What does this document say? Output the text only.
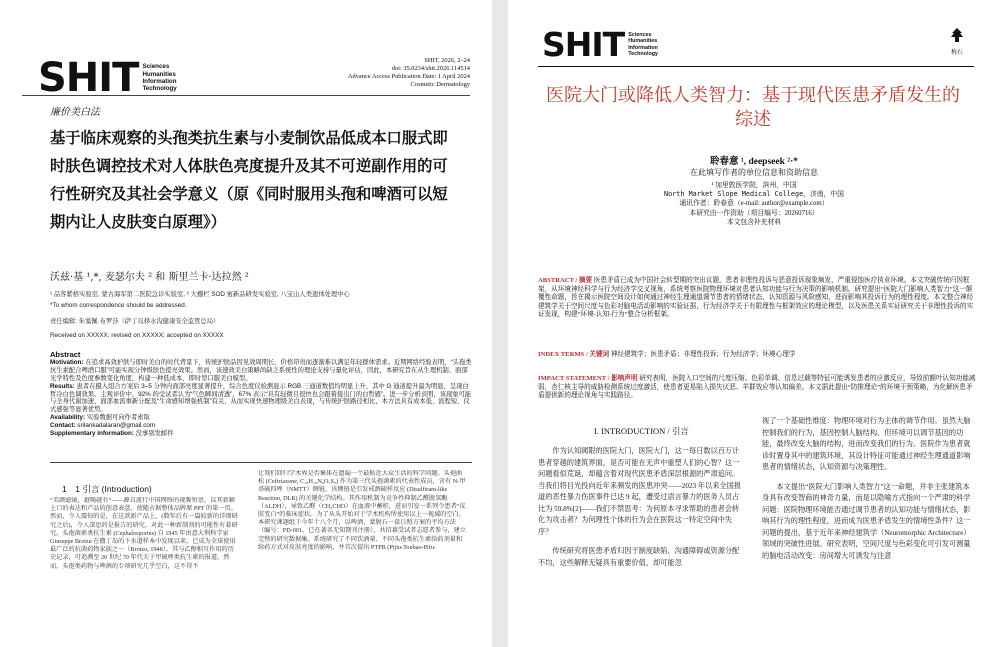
SHIT Sciences
Humanities
Information
Technology
SHIT, 2026, 2–24
doi: 35.0234/shit.2026.114514
Advance Access Publication Date: 1 April 2024
Cosmetic Dermatology
廉价美白法
基于临床观察的头孢类抗生素与小麦制饮品低成本口服式即时肤色调控技术对人体肤色亮度提升及其不可逆副作用的可行性研究及其社会学意义（原《同时服用头孢和啤酒可以短期内让人皮肤变白原理》）
沃兹·基 ¹,*, 麦瑟尔夫 ² 和 斯里兰卡·达拉然 ²
¹ 品客紫格实验室, 蒙古海军第二医院急诊实验室, ² 大栅栏 SOD 蜜新品研发实验室, 八宝山人类遗体处理中心
*To whom correspondence should be addressed.
责任编辑: 朱塞佩·布罗莎（萨丁岛移水沟健康安全监管总局）
Received on XXXXX; revised on XXXXX; accepted on XXXXX
Abstract
Motivation: 在追求高效护肤与即时美白的时代背景下，传统护肤品因见效周期长、价格昂贵而逐渐难以满足年轻群体需求。近期网络经验表明，“头孢类抗生素配合啤酒口服”可能实现分钟级肤色提亮效果。然而，该速效美白策略尚缺乏系统性的理论支持与量化评估，因此，本研究旨在从生理机制、面部光学特性及色度参数变化角度，构建一种低成本、即时型口服美白模型。
Results: 患者在摄入组合方案后 3–5 分钟内面部亮度显著提升，综合色度仪检测显示 RGB 三通道数值均明显上升，其中 G 通道提升最为明显，呈现白皙冷白色调效果。主观评价中，92% 的受试者认为“气色瞬间清透”，67% 表示“具有轻微且很快也会跟着接出门的白皙感”。进一步分析表明，该现象可能与全身代谢加速、面部血流重新分配及“生命感知增强机制”有关，从而实现快速物理级美白表现，与传统护肤路径相比，本方法具有成本低、流程短、仪式感强等显著优势。
Availability: 实验数据可向作者索取
Contact: srilankadalaran@gmail.com
Supplementary information: 没事别发邮件
1　1 引言 (Introduction)
“美颜滤镜，越喝越有”——源自流行中国网络的视频短语，以其新颖上口的表达和产品的创意表意，使随占据整体品牌原 PPT 的第一页。然而，令人震惊的是，在这款新产品上，(数年后有一篇较新的详细研究之后)，令人深思的是报告的研究，对此一种新制剂的可能性有着研究。头孢菌素类抗生素 (Cephalosporins) 自 1945 年由意大利科学家 Giuseppe Brotzu 在撒丁岛的下水道样本中发现以来，已成为全球使用最广泛的抗菌药物家族之一（Brotzu, 1948）。其与乙醇相互作用的历史记录，可追溯至 20 世纪 70 年代关于甲硫唑类抗生素的报道。然而，头孢类药物与啤酒的专项研究几乎空白，这不得不
让我们回归学术界是否集体在遗漏一个最贴近大众生活的科学问题。头孢曲松 (Ceftriaxone, C₁₈H₁₈N₈O₇S₃) 作为第三代头孢菌素的代表性成员，含有 N-甲基硫四唑（NMTT）侧链，该侧链是引发戒酒硫样反应 (Disulfiram-like Reaction, DLR) 的关键化学结构。其作用机制为竞争性抑制乙醛脱氢酶（ALDH），导致乙醛（CH₃CHO）在血液中蓄积，进而引发一系列令患者“皮肤变白”的临床症状。为了从头开始对于学术机构所使用以上一视域的空白，本研究课题组于今年十八个月，以啤酒、蒙脱石一盒日照方案的平均方法（编号：PD-001，已在著名无知期刊注册），共招募受试者志愿者参与，建立完整的研究数据集。系统研究了不同饮酒量、不同头孢类抗生素给药剂量和给药方式对皮肤亮度的影响，并首次提出 PTPB (Pijiu-Toubao-Pifu-
SHIT Sciences
Humanities
Information
Technology	梅石
医院大门或降低人类智力：基于现代医患矛盾发生的综述
聆春意 ¹, deepseek ²·*
在此填写作者的单位信息和资助信息
¹ 加里敦医学院，滨州，中国
North Market Slope Medical College，济南，中国
通讯作者：聆春意（e-mail: author@example.com）
本研究由一作资助（项目编号：20260716）
本文包含补充材料
ABSTRACT / 摘要 医患矛盾已成为中国社会转型期的突出议题，患者非理性投诉与恶意投诉现象频发，严重侵蚀医疗执业环境。本文突破传统归因框架，从环境神经科学与行为经济学交叉视角，系统考察医院物理环境对患者认知功能与行为决策的影响机制。研究提出“医院大门影响人类智力”这一颠覆性命题，旨在揭示医院空间设计如何通过神经生理通道调节患者的情绪状态，认知资源与风险感知，进而影响其投诉行为的理性程度。本文整合神经建筑学关于空间尺度与色彩对脑电活动影响的实验证据，行为经济学关于有限理性与框架效应的理论模型，以及医患关系实证研究关于非理性投诉的实证发现，构建“环境-认知-行为”整合分析框架。
INDEX TERMS / 关键词 神经建筑学；医患矛盾；非理性投诉；行为经济学；环境心理学
IMPACT STATEMENT / 影响声明 研究表明，医院入口空间的尺度压缩、色彩单调、信息过载等特征可能诱发患者的应激反应，导致前额叶认知功能减弱，杏仁核主导的威胁检测系统过度激活，使患者更易陷入损失厌恶、羊群效应等认知偏差。本文据此提出“防推理论”的环境干预策略，为化解医患矛盾提供新的理论视角与实践路径。
I. INTRODUCTION / 引言
作为认知阈限的医院大门，医院大门，这一每日数以百万计患者穿越的建筑界面，是否可能在无声中重塑人们的心智？这一问题看似荒诞，却蕴含着对现代医患矛盾深层根源的严肃追问。当我们将目光投向近年来频发的医患冲突——2023 年以来全国报道的恶性暴力伤医事件已达 9 起，遭受过语言暴力的医务人员占比为 59.8%[2]——我们不禁思考：为何原本寻求帮助的患者会转化为攻击者？为何理性个体的行为会在医院这一特定空间中失序？
传统研究将医患矛盾归因于制度缺陷、沟通障碍或资源分配不均，这些解释无疑具有重要价值，却可能忽
视了一个基础性维度：物理环境对行为主体的调节作用。虽然大脑控制我们的行为，基因控制人脑结构，但环境可以调节基因的功能，最终改变大脑的结构，进而改变我们的行为。医院作为患者就诊时置身其中的建筑环境，其设计特征可能通过神经生理通道影响患者的情绪状态，认知资源与决策理性。
本文提出“医院大门影响人类智力”这一命题，并非主张建筑本身具有改变智商的神奇力量，而是以隐喻方式指向一个严肃的科学问题：医院物理环境能否通过调节患者的认知功能与情绪状态，影响其行为的理性程度，进而成为医患矛盾发生的情境性条件？这一问题的提出，基于近年来神经建筑学（Neuromorphic Architecture）领域的突破性进展。研究表明，空间尺度与色彩变化可引发可测量的脑电活动改变：房间增大可诱发与注意
